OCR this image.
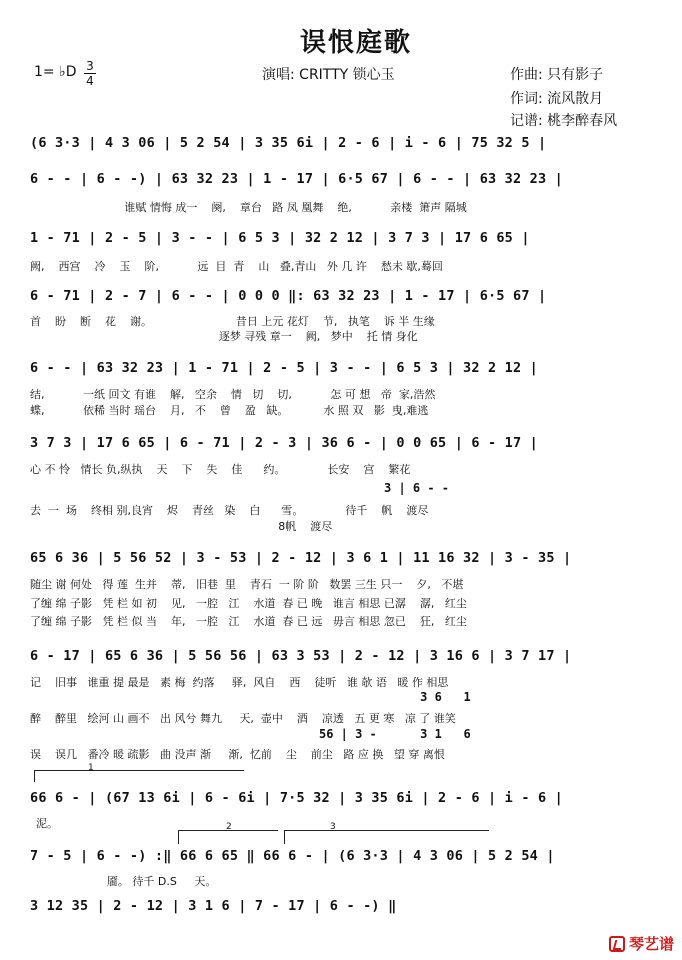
误恨庭歌
1= ♭D 3
4	演唱: CRITTY 锁心玉	作曲: 只有影子
作词: 流风散月
记谱: 桃李醉春风
(6 3·3 | 4 3 06 | 5 2 54 | 3 35 6i | 2 - 6 | i - 6 | 75 32 5 |
6 - - | 6 - -) | 63 32 23 | 1 - 17 | 6·5 67 | 6 - - | 63 32 23 |
谁赋 情悔 成一    阕,    章台   路 凤 凰舞    绝,           亲楼  箫声 隔城
1 - 71 | 2 - 5 | 3 - - | 6 5 3 | 32 2 12 | 3 7 3 | 17 6 65 |
阙,    西宫    冷    玉    阶,           远  目  青    山   叠,青山   外 几 许    愁未 歇,蓦回
6 - 71 | 2 - 7 | 6 - - | 0 0 0 ‖: 63 32 23 | 1 - 17 | 6·5 67 |
首    盼    断    花    谢。                        昔日 上元 花灯    节,   执笔    诉 半 生缘
逐梦 寻残 章一    阙,   梦中    托 情 身化
6 - - | 63 32 23 | 1 - 71 | 2 - 5 | 3 - - | 6 5 3 | 32 2 12 |
结,           一纸 回文 有谁    解,   空余    情   切    切,           怎 可 想   帝  家,浩然
蝶,           依稀 当时 瑶台    月,   不    曾    盈   缺。          水 照 双   影  曳,难逃
3 7 3 | 17 6 65 | 6 - 71 | 2 - 3 | 36 6 - | 0 0 65 | 6 - 17 |
心 不 怜   情长 负,纵执    天    下    失    佳      约。            长安    宫    繁花
3 | 6 - -
去  一  场    终相 别,良宵    烬    青丝   染    白      雪。            待千    帆    渡尽
8帆    渡尽
65 6 36 | 5 56 52 | 3 - 53 | 2 - 12 | 3 6 1 | 11 16 32 | 3 - 35 |
随尘 谢 何处   得 莲  生并    蒂,   旧巷  里    青石  一 阶 阶   数罢 三生 只一    夕,   不堪
了缠 绵 子影   凭 栏 如 初    见,   一腔   江    水道  春 已 晚   谁言 相思 已潺    潺,   红尘
了缠 绵 子影   凭 栏 似 当    年,   一腔   江    水道  春 已 远   毋言 相思 忽已    狂,   红尘
6 - 17 | 65 6 36 | 5 56 56 | 63 3 53 | 2 - 12 | 3 16 6 | 3 7 17 |
记    旧事   谁重 提 最是   素 梅  约落     驿,  风自    西    徒听   谁 欹 语   暖 作 相思
3 6   1
醉    醉里   绘河 山 画不   出 风兮 舞九     天,  壶中    酒    凉透   五 更 寒   凉 了 谁笑
56 | 3 -      3 1   6
误    误几   番冷 暖 疏影   曲 没声 渐     渐,  忆前    尘    前尘   路 应 换   望 穿 离恨
1
66 6 - | (67 13 6i | 6 - 6i | 7·5 32 | 3 35 6i | 2 - 6 | i - 6 |
泥。	2	3
7 - 5 | 6 - -) :‖ 66 6 65 ‖ 66 6 - | (6 3·3 | 4 3 06 | 5 2 54 |
靥。 待千 D.S     天。
3 12 35 | 2 - 12 | 3 1 6 | 7 - 17 | 6 - -) ‖
琴艺谱
